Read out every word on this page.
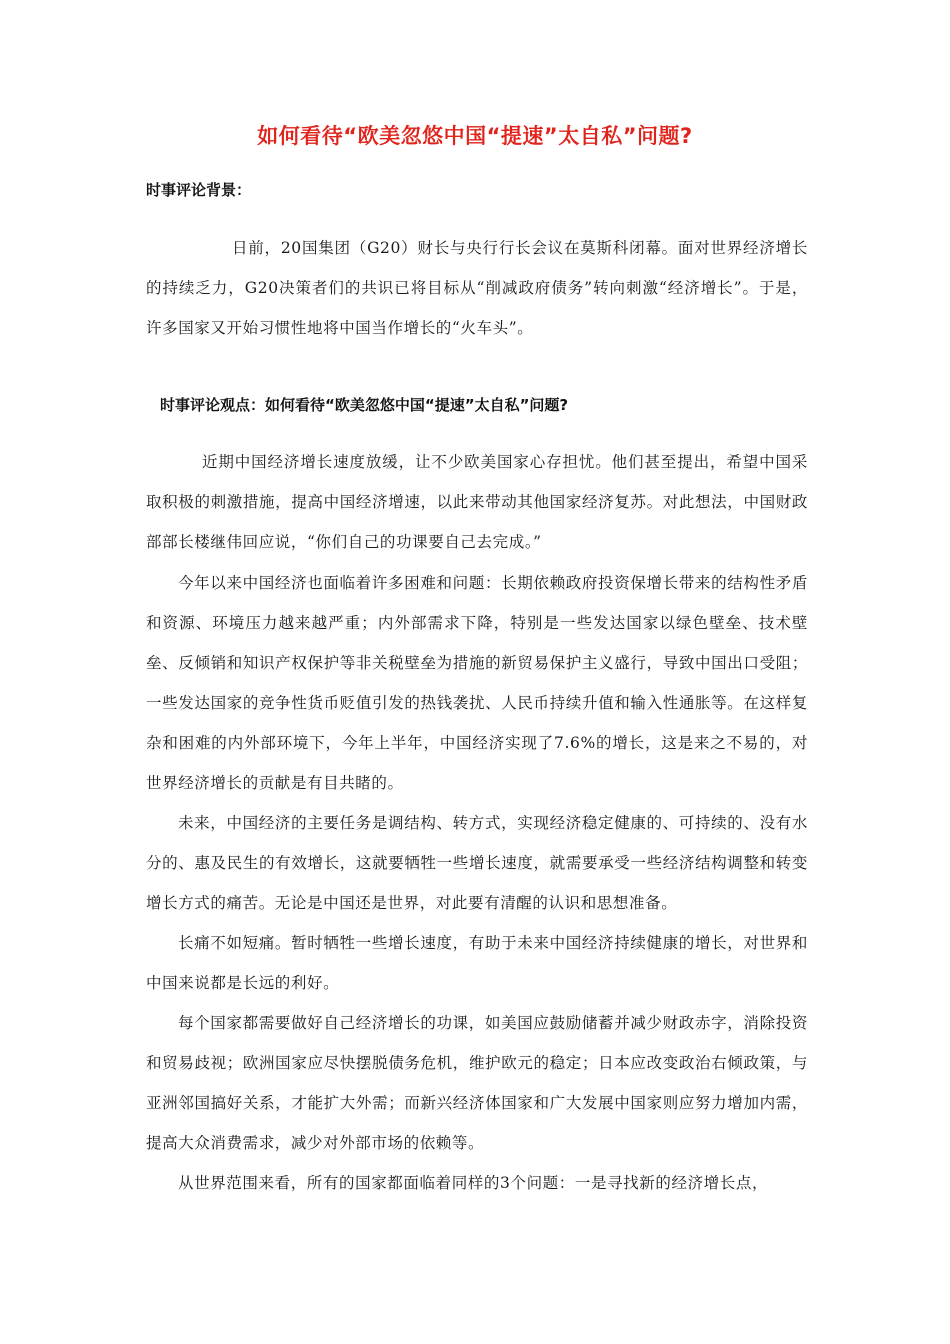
如何看待“欧美忽悠中国“提速”太自私”问题?
时事评论背景：

日前，20国集团（G20）财长与央行行长会议在莫斯科闭幕。面对世界经济增长的持续乏力，G20决策者们的共识已将目标从“削减政府债务”转向刺激“经济增长”。于是，许多国家又开始习惯性地将中国当作增长的“火车头”。

时事评论观点：如何看待“欧美忽悠中国“提速”太自私”问题?

近期中国经济增长速度放缓，让不少欧美国家心存担忧。他们甚至提出，希望中国采取积极的刺激措施，提高中国经济增速，以此来带动其他国家经济复苏。对此想法，中国财政部部长楼继伟回应说，“你们自己的功课要自己去完成。”

今年以来中国经济也面临着许多困难和问题：长期依赖政府投资保增长带来的结构性矛盾和资源、环境压力越来越严重；内外部需求下降，特别是一些发达国家以绿色壁垒、技术壁垒、反倾销和知识产权保护等非关税壁垒为措施的新贸易保护主义盛行，导致中国出口受阻；一些发达国家的竞争性货币贬值引发的热钱袭扰、人民币持续升值和输入性通胀等。在这样复杂和困难的内外部环境下，今年上半年，中国经济实现了7.6%的增长，这是来之不易的，对世界经济增长的贡献是有目共睹的。

未来，中国经济的主要任务是调结构、转方式，实现经济稳定健康的、可持续的、没有水分的、惠及民生的有效增长，这就要牺牲一些增长速度，就需要承受一些经济结构调整和转变增长方式的痛苦。无论是中国还是世界，对此要有清醒的认识和思想准备。

长痛不如短痛。暂时牺牲一些增长速度，有助于未来中国经济持续健康的增长，对世界和中国来说都是长远的利好。

每个国家都需要做好自己经济增长的功课，如美国应鼓励储蓄并减少财政赤字，消除投资和贸易歧视；欧洲国家应尽快摆脱债务危机，维护欧元的稳定；日本应改变政治右倾政策，与亚洲邻国搞好关系，才能扩大外需；而新兴经济体国家和广大发展中国家则应努力增加内需，提高大众消费需求，减少对外部市场的依赖等。

从世界范围来看，所有的国家都面临着同样的3个问题：一是寻找新的经济增长点，
